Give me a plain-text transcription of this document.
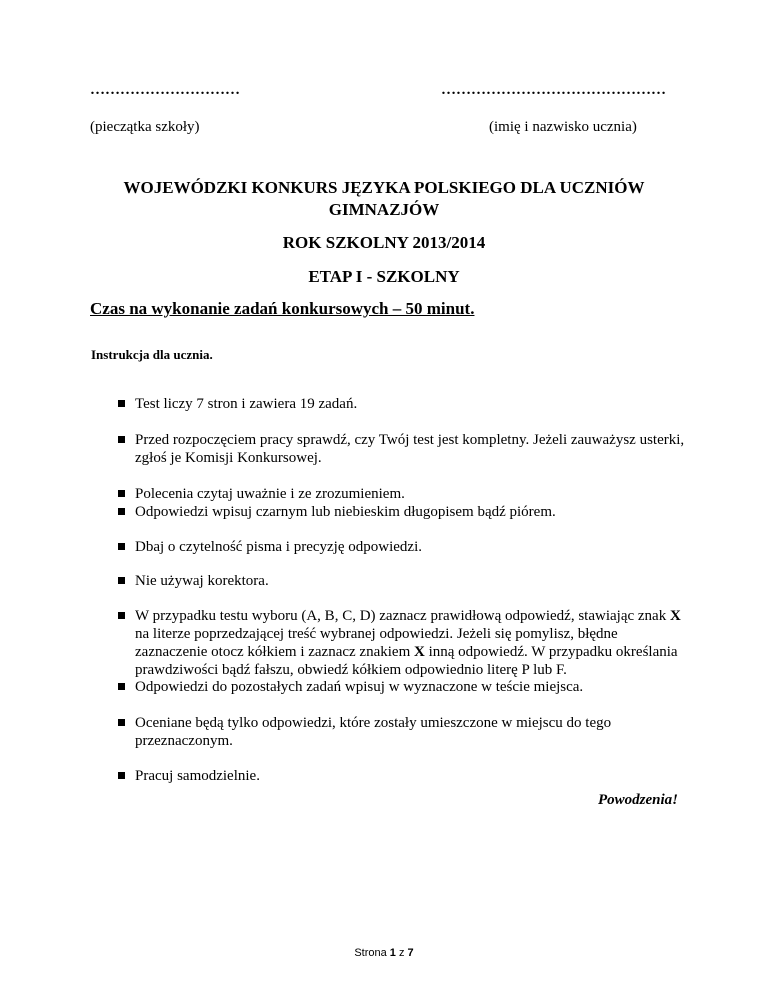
…………………………	………………………………………
(pieczątka szkoły)	(imię i nazwisko ucznia)
WOJEWÓDZKI KONKURS JĘZYKA POLSKIEGO DLA UCZNIÓW
GIMNAZJÓW
ROK SZKOLNY 2013/2014
ETAP I - SZKOLNY
Czas na wykonanie zadań konkursowych – 50 minut.
Instrukcja dla ucznia.
Test liczy 7 stron i zawiera 19 zadań.
Przed rozpoczęciem pracy sprawdź, czy Twój test jest kompletny. Jeżeli zauważysz usterki, zgłoś je Komisji Konkursowej.
Polecenia czytaj uważnie i ze zrozumieniem.
Odpowiedzi wpisuj czarnym lub niebieskim długopisem bądź piórem.
Dbaj o czytelność pisma i precyzję odpowiedzi.
Nie używaj korektora.
W przypadku testu wyboru (A, B, C, D) zaznacz prawidłową odpowiedź, stawiając znak X na literze poprzedzającej treść wybranej odpowiedzi. Jeżeli się pomylisz, błędne zaznaczenie otocz kółkiem i zaznacz znakiem X inną odpowiedź. W przypadku określania prawdziwości bądź fałszu, obwiedź kółkiem odpowiednio literę P lub F.
Odpowiedzi do pozostałych zadań wpisuj w wyznaczone w teście miejsca.
Oceniane będą tylko odpowiedzi, które zostały umieszczone w miejscu do tego przeznaczonym.
Pracuj samodzielnie.
Powodzenia!
Strona 1 z 7
